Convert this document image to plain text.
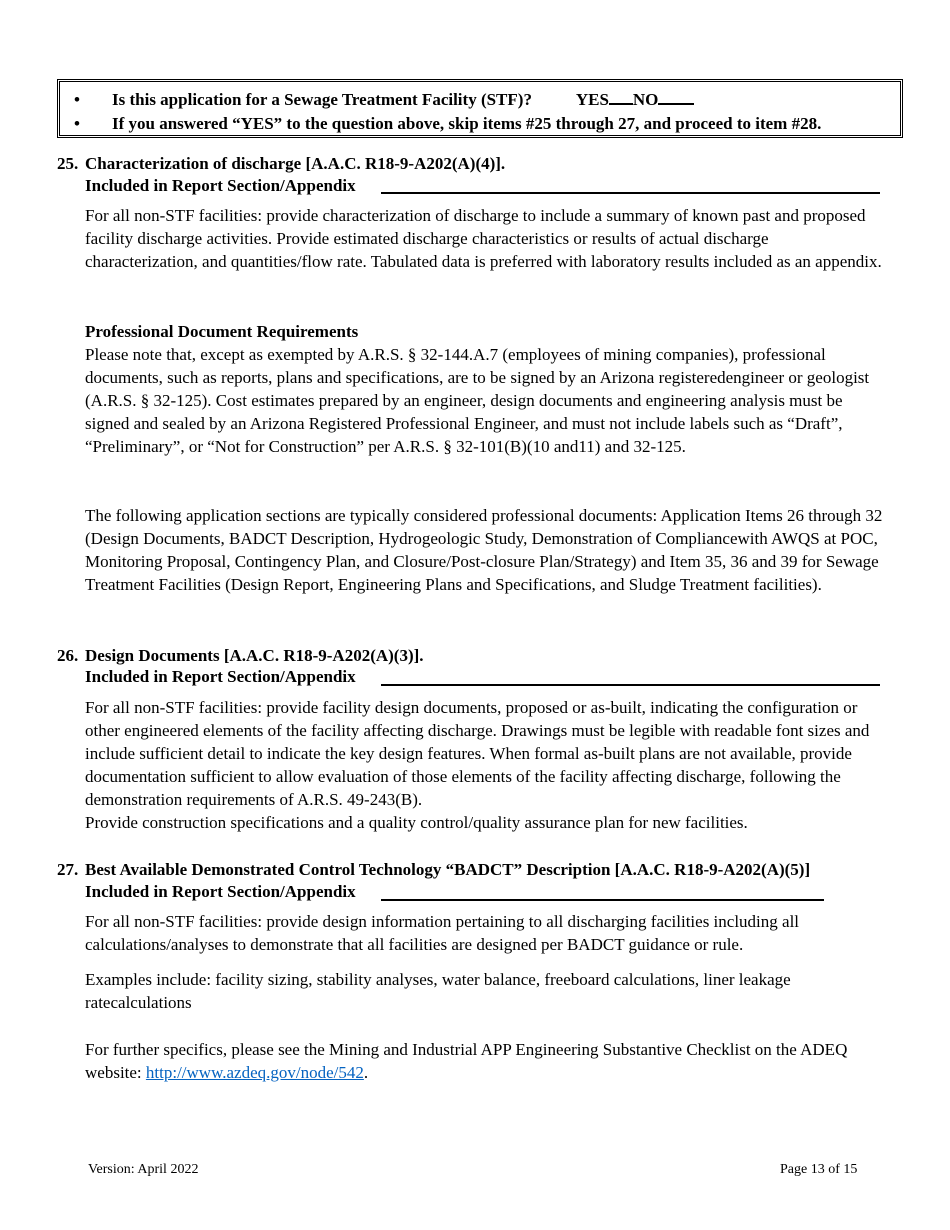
•	Is this application for a Sewage Treatment Facility (STF)?	YES NO
•	If you answered “YES” to the question above, skip items #25 through 27, and proceed to item #28.
25. Characterization of discharge [A.A.C. R18-9-A202(A)(4)].
Included in Report Section/Appendix

For all non-STF facilities: provide characterization of discharge to include a summary of known past and proposed facility discharge activities. Provide estimated discharge characteristics or results of actual discharge characterization, and quantities/flow rate. Tabulated data is preferred with laboratory results included as an appendix.

Professional Document Requirements

Please note that, except as exempted by A.R.S. § 32-144.A.7 (employees of mining companies), professional documents, such as reports, plans and specifications, are to be signed by an Arizona registeredengineer or geologist (A.R.S. § 32-125). Cost estimates prepared by an engineer, design documents and engineering analysis must be signed and sealed by an Arizona Registered Professional Engineer, and must not include labels such as “Draft”, “Preliminary”, or “Not for Construction” per A.R.S. § 32-101(B)(10 and11) and 32-125.

The following application sections are typically considered professional documents: Application Items 26 through 32 (Design Documents, BADCT Description, Hydrogeologic Study, Demonstration of Compliancewith AWQS at POC, Monitoring Proposal, Contingency Plan, and Closure/Post-closure Plan/Strategy) and Item 35, 36 and 39 for Sewage Treatment Facilities (Design Report, Engineering Plans and Specifications, and Sludge Treatment facilities).

26. Design Documents [A.A.C. R18-9-A202(A)(3)].
Included in Report Section/Appendix

For all non-STF facilities: provide facility design documents, proposed or as-built, indicating the configuration or other engineered elements of the facility affecting discharge. Drawings must be legible with readable font sizes and include sufficient detail to indicate the key design features. When formal as-built plans are not available, provide documentation sufficient to allow evaluation of those elements of the facility affecting discharge, following the demonstration requirements of A.R.S. 49-243(B).

Provide construction specifications and a quality control/quality assurance plan for new facilities.

27. Best Available Demonstrated Control Technology “BADCT” Description [A.A.C. R18-9-A202(A)(5)]
Included in Report Section/Appendix

For all non-STF facilities: provide design information pertaining to all discharging facilities including all calculations/analyses to demonstrate that all facilities are designed per BADCT guidance or rule.

Examples include: facility sizing, stability analyses, water balance, freeboard calculations, liner leakage ratecalculations

For further specifics, please see the Mining and Industrial APP Engineering Substantive Checklist on the ADEQ website: http://www.azdeq.gov/node/542.

Version: April 2022	Page 13 of 15
